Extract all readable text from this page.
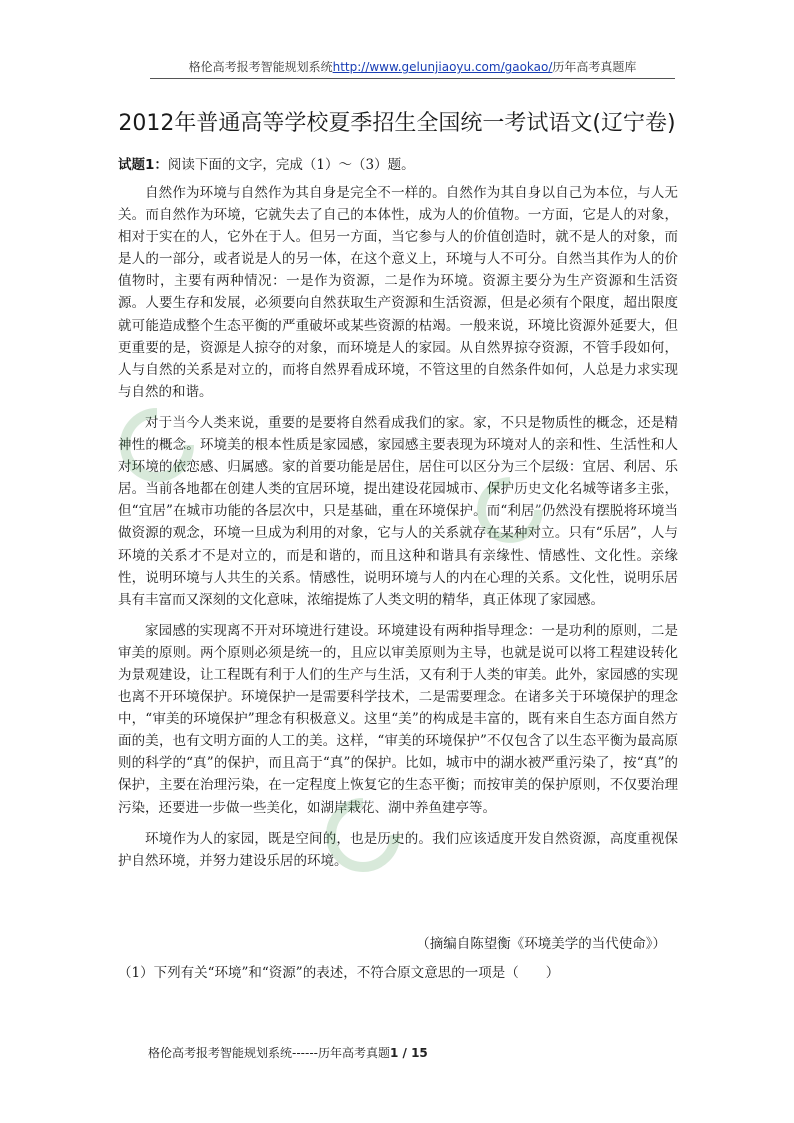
格伦高考报考智能规划系统http://www.gelunjiaoyu.com/gaokao/历年高考真题库
2012年普通高等学校夏季招生全国统一考试语文(辽宁卷)
试题1：阅读下面的文字，完成（1）～（3）题。

自然作为环境与自然作为其自身是完全不一样的。自然作为其自身以自己为本位，与人无关。而自然作为环境，它就失去了自己的本体性，成为人的价值物。一方面，它是人的对象，相对于实在的人，它外在于人。但另一方面，当它参与人的价值创造时，就不是人的对象，而是人的一部分，或者说是人的另一体，在这个意义上，环境与人不可分。自然当其作为人的价值物时，主要有两种情况：一是作为资源，二是作为环境。资源主要分为生产资源和生活资源。人要生存和发展，必须要向自然获取生产资源和生活资源，但是必须有个限度，超出限度就可能造成整个生态平衡的严重破坏或某些资源的枯竭。一般来说，环境比资源外延要大，但更重要的是，资源是人掠夺的对象，而环境是人的家园。从自然界掠夺资源，不管手段如何，人与自然的关系是对立的，而将自然界看成环境，不管这里的自然条件如何，人总是力求实现与自然的和谐。

对于当今人类来说，重要的是要将自然看成我们的家。家，不只是物质性的概念，还是精神性的概念。环境美的根本性质是家园感，家园感主要表现为环境对人的亲和性、生活性和人对环境的依恋感、归属感。家的首要功能是居住，居住可以区分为三个层级：宜居、利居、乐居。当前各地都在创建人类的宜居环境，提出建设花园城市、保护历史文化名城等诸多主张，但“宜居”在城市功能的各层次中，只是基础，重在环境保护。而“利居”仍然没有摆脱将环境当做资源的观念，环境一旦成为利用的对象，它与人的关系就存在某种对立。只有“乐居”，人与环境的关系才不是对立的，而是和谐的，而且这种和谐具有亲缘性、情感性、文化性。亲缘性，说明环境与人共生的关系。情感性，说明环境与人的内在心理的关系。文化性，说明乐居具有丰富而又深刻的文化意味，浓缩提炼了人类文明的精华，真正体现了家园感。

家园感的实现离不开对环境进行建设。环境建设有两种指导理念：一是功利的原则，二是审美的原则。两个原则必须是统一的，且应以审美原则为主导，也就是说可以将工程建设转化为景观建设，让工程既有利于人们的生产与生活，又有利于人类的审美。此外，家园感的实现也离不开环境保护。环境保护一是需要科学技术，二是需要理念。在诸多关于环境保护的理念中，“审美的环境保护”理念有积极意义。这里“美”的构成是丰富的，既有来自生态方面自然方面的美，也有文明方面的人工的美。这样，“审美的环境保护”不仅包含了以生态平衡为最高原则的科学的“真”的保护，而且高于“真”的保护。比如，城市中的湖水被严重污染了，按“真”的保护，主要在治理污染，在一定程度上恢复它的生态平衡；而按审美的保护原则，不仅要治理污染，还要进一步做一些美化，如湖岸栽花、湖中养鱼建亭等。

环境作为人的家园，既是空间的，也是历史的。我们应该适度开发自然资源，高度重视保护自然环境，并努力建设乐居的环境。

（摘编自陈望衡《环境美学的当代使命》）
（1）下列有关“环境”和“资源”的表述，不符合原文意思的一项是（　　）
格伦高考报考智能规划系统------历年高考真题1 / 15
